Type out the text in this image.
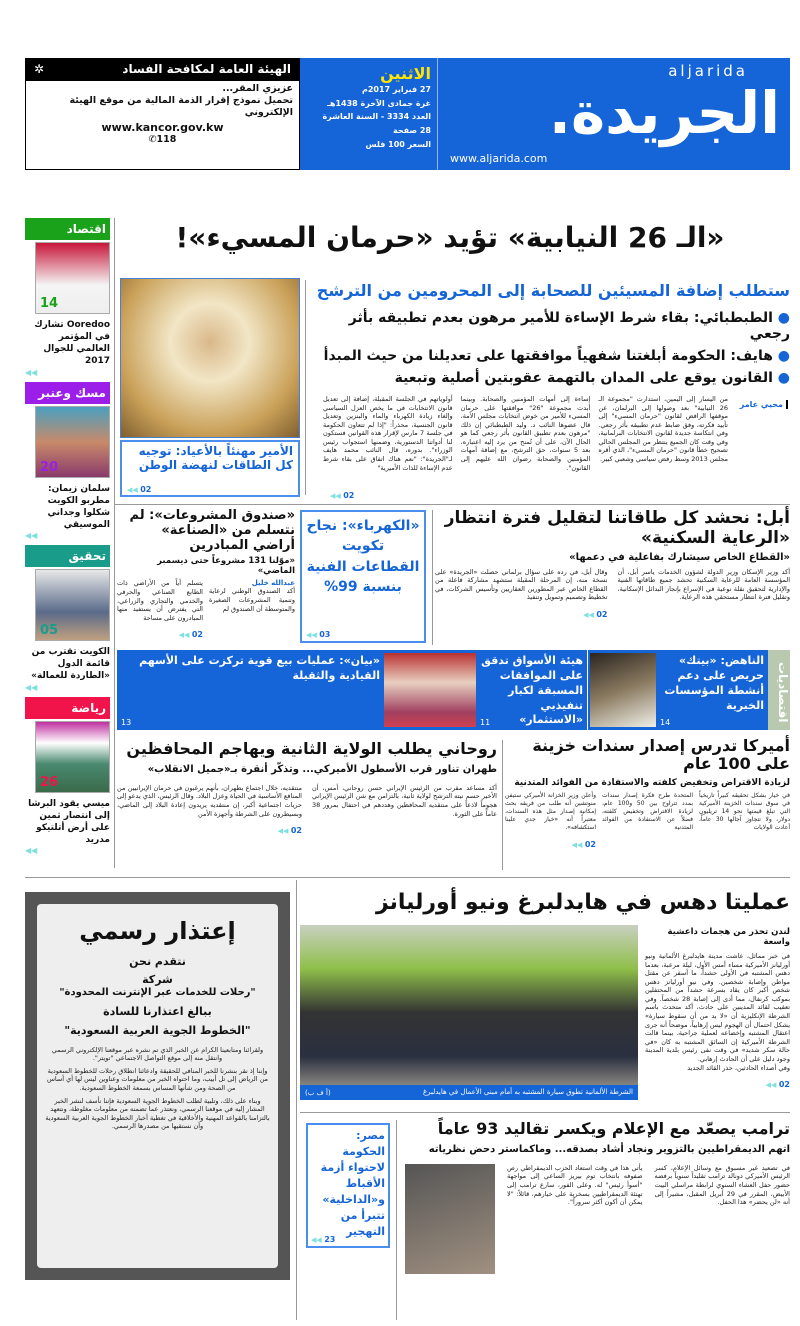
الهيئة العامة لمكافحة الفساد
✲
عزيزي المقر...
تحميل نموذج إقرار الذمة المالية من موقع الهيئة الإلكتروني
www.kancor.gov.kw
✆118
الاثنين
27 فبراير 2017م
غرة جمادى الآخرة 1438هـ
العدد 3334 - السنة العاشرة
28 صفحة
السعر 100 فلس
aljarida
الجريدة.
www.aljarida.com
«الـ 26 النيابية» تؤيد «حرمان المسيء»!
اقتصاد
14
Ooredoo تشارك في المؤتمر العالمي للجوال 2017
◀◀
مسك وعنبر
20
سلمان زيمان: مطربو الكويت شكلوا وجداني الموسيقي
◀◀
تحقيق
05
الكويت تقترب من قائمة الدول «الطاردة للعمالة»
◀◀
رياضة
26
ميسي يقود البرشا إلى انتصار ثمين على أرض أتلتيكو مدريد
◀◀
الأمير مهنئاً بالأعياد: توجيه كل الطاقات لنهضة الوطن
02 ◀◀
ستطلب إضافة المسيئين للصحابة إلى المحرومين من الترشح
● الطبطبائي: بقاء شرط الإساءة للأمير مرهون بعدم تطبيقه بأثر رجعي
● هايف: الحكومة أبلغتنا شفهياً موافقتها على تعديلنا من حيث المبدأ
● القانون يوقع على المدان بالتهمة عقوبتين أصلية وتبعية
محيي عامر
من اليسار إلى اليمين، استدارت "مجموعة الـ 26 النيابية" بعد وصولها إلى البرلمان، عن موقفها الرافض لقانون "حرمان المسيء" إلى تأييد فكرته، وفق ضابط عدم تطبيقه بأثر رجعي. وفي انتكاسة جديدة لقانون الانتخابات البرلمانية، وفي وقت كان الجميع ينتظر من المجلس الحالي تصحيح خطأ قانون "حرمان المسيء"، الذي أقره مجلس 2013 وسط رفض سياسي وشعبي كبير.
إساءة إلى أمهات المؤمنين والصحابة. وبينما أبدت مجموعة "26" موافقتها على حرمان المسيء للأمير من خوض انتخابات مجلس الأمة، قال عضوها النائب د. وليد الطبطبائي إن ذلك "مرهون بعدم تطبيق القانون بأثر رجعي كما هو الحال الآن، على أن تُمنح من يرد إليه اعتباره، بعد 5 سنوات، حق الترشح، مع إضافة أمهات المؤمنين والصحابة رضوان الله عليهم إلى القانون".
أولوياتهم في الجلسة المقبلة، إضافة إلى تعديل قانون الانتخابات في ما يخص العزل السياسي وإلغاء زيادة الكهرباء والماء والبنزين وتعديل قانون الجنسية، محذراً: "إذا لم تتعاون الحكومة في جلسة 7 مارس لإقرار هذه القوانين فستكون لنا أدواتنا الدستورية، وضمنها استجواب رئيس الوزراء". بدوره، قال النائب محمد هايف لـ"الجريدة": "نعم هناك اتفاق على بقاء شرط عدم الإساءة للذات الأميرية"
02 ◀◀
أبل: نحشد كل طاقاتنا لتقليل فترة انتظار «الرعاية السكنية»
«القطاع الخاص سيشارك بفاعلية في دعمها»
أكد وزير الإسكان وزير الدولة لشؤون الخدمات ياسر أبل، أن المؤسسة العامة للرعاية السكنية تحشد جميع طاقاتها الفنية والإدارية لتحقيق نقلة نوعية في الإسراع بإنجاز البدائل الإسكانية، وتقليل فترة انتظار مستحقي هذه الرعاية.
وقال أبل، في رده على سؤال برلماني حصلت «الجريدة» على نسخة منه، إن المرحلة المقبلة ستشهد مشاركة فاعلة من القطاع الخاص عبر المطورين العقاريين وتأسيس الشركات، في تخطيط وتصميم وتمويل وتنفيذ
02 ◀◀
«الكهرباء»: نجاح تكويت القطاعات الفنية بنسبة 99%
03 ◀◀
«صندوق المشروعات»: لم نتسلم من «الصناعة» أراضي المبادرين
«موّلنا 131 مشروعاً حتى ديسمبر الماضي»
عبدالله خليل
أكد الصندوق الوطني لرعاية وتنمية المشروعات الصغيرة والمتوسطة أن الصندوق لم
يتسلم أياً من الأراضي ذات الطابع الصناعي والحرفي والخدمي والتجاري والزراعي، التي يفترض أن يستفيد منها المبادرون على مساحة
02 ◀◀
اقتصاديات
الناهض: «بيتك» حريص على دعم أنشطة المؤسسات الخيرية
14
هيئة الأسواق تدقق على الموافقات المسبقة لكبار تنفيذيي «الاستثمار»
11
«بيان»: عمليات بيع قوية تركزت على الأسهم القيادية والثقيلة
13
أميركا تدرس إصدار سندات خزينة على 100 عام
لزيادة الاقتراض وتخفيض كلفته والاستفادة من الفوائد المتدنية
في خيار بشكل تحقيقه كبيراً تاريخياً في سوق سندات الخزينة الأميركية التي تبلغ قيمتها نحو 14 تريليون دولار، ولا تتجاوز آجالها 30 عاماً، أعادت الولايات
المتحدة طرح فكرة إصدار سندات بمدد تتراوح بين 50 و100 عام، لزيادة الاقتراض وتخفيض كلفته، فضلاً عن الاستفادة من الفوائد المتدنية
وأعلن وزير الخزانة الأميركي ستيفن منوتشين أنه طلب من فريقه بحث إمكانية إصدار مثل هذه السندات، معتبراً أنه «خيار جدي علينا استكشافه».
02 ◀◀
روحاني يطلب الولاية الثانية ويهاجم المحافظين
طهران تناور قرب الأسطول الأميركي... وتذكّر أنقرة بـ«جميل الانقلاب»
أكد مساعد مقرب من الرئيس الإيراني حسن روحاني، أمس، أن الأخير حسم نيته الترشح لولاية ثانية، بالتزامن مع شن الرئيس الإيراني هجوماً لاذعاً على منتقديه المحافظين وهددهم في احتفال بمرور 38 عاماً على الثورة.
منتقديه، خلال اجتماع بطهران، بأنهم يرغبون في حرمان الإيرانيين من المنافع الأساسية في الحياة وعزل البلاد. وقال الرئيس، الذي يدعو إلى حريات اجتماعية أكبر، إن منتقديه يريدون إعادة البلاد إلى الماضي، وبسيطرون على الشرطة وأجهزة الأمن
02 ◀◀
إعتذار رسمي
نتقدم نحن
شركة
"رحلات للخدمات عبر الإنترنت المحدودة"
ببالغ اعتذارنا للسادة
"الخطوط الجوية العربية السعودية"
ولقرائنا ومتابعينا الكرام عن الخبر الذي تم نشره عبر موقعنا الإلكتروني الرسمي وانتقل منه إلى موقع التواصل الاجتماعي "تويتر".
وإننا إذ نقر بنشرنا للخبر المنافي للحقيقة وادعائنا انطلاق رحلات للخطوط السعودية من الرياض إلى تل أبيب، وما احتواه الخبر من معلومات وعناوين ليس لها أي أساس من الصحة ومن شأنها المساس بسمعة الخطوط السعودية.
وبناء على ذلك، وتلبية لطلب الخطوط الجوية السعودية فإننا نأسف لنشر الخبر المشار إليه في موقعنا الرسمي، ونعتذر عما تضمنه من معلومات مغلوطة، ونتعهد بالتزامنا بالقواعد المهنية والأخلاقية في تغطية أخبار الخطوط الجوية العربية السعودية وأن نستقيها من مصدرها الرسمي.
الشرطة الألمانية تطوق سيارة المشتبه به أمام مبنى الأعمال في هايدلبرغ
(أ ف ب)
عمليتا دهس في هايدلبرغ ونيو أورليانز
لندن تحذر من هجمات داعشية واسعة
في خبر مماثل، عاشت مدينة هايدلبرغ الألمانية ونيو أورليانز الأميركية مساء أمس الأول، ليلة مرعبة، بعدما دهس المشتبه في الأولى حشداً، ما أسفر عن مقتل مواطن وإصابة شخصين. وفي نيو أورليانز دهس شخص أكبر كان يقاد بسرعة حشداً من المحتفلين بموكب كرنفال، مما أدى إلى إصابة 28 شخصاً. وفي تعقيب لقائد المدينين على حادث، أكد متحدث باسم الشرطة الإنكليزية أن «لا بد من أن سقوط سيارة» يشكل احتمال أن الهجوم ليس إرهابياً، موضحاً أنه جرى اعتقال المشتبه وإخضاعه لعملية جراحية، بينما قالت الشرطة الأميركية إن السائق المشتبه به كان «في حالة سكر شديد» في وقت نفى رئيس بلدية المدينة وجود دليل على أن الحادث إرهابي.
وفي أصداء الحادثين، حذر القائد الجديد
02 ◀◀
مصر: الحكومة لاحتواء أزمة الأقباط و«الداخلية» تتبرأ من التهجير
23 ◀◀
ترامب يصعّد مع الإعلام ويكسر تقاليد 93 عاماً
اتهم الديمقراطيين بالتزوير ونجاد أشاد بصدقه... وماكماستر دحض نظرياته
في تصعيد غير مسبوق مع وسائل الإعلام، كسر الرئيس الأميركي دونالد ترامب تقليداً سنوياً برفضه حضور حفل العشاء السنوي لرابطة مراسلي البيت الأبيض، المقرر في 29 أبريل المقبل، مشيراً إلى أنه «لن يحضر» هذا الحفل.
يأتي هذا في وقت استعاد الحزب الديمقراطي رص صفوفه بانتخاب توم بيريز الساعي إلى مواجهة "أسوأ رئيس" له. وعلى الفور، سارع ترامب إلى تهنئة الديمقراطيين بسخرية على خيارهم، قائلاً: "لا يمكن أن أكون أكثر سروراً".
